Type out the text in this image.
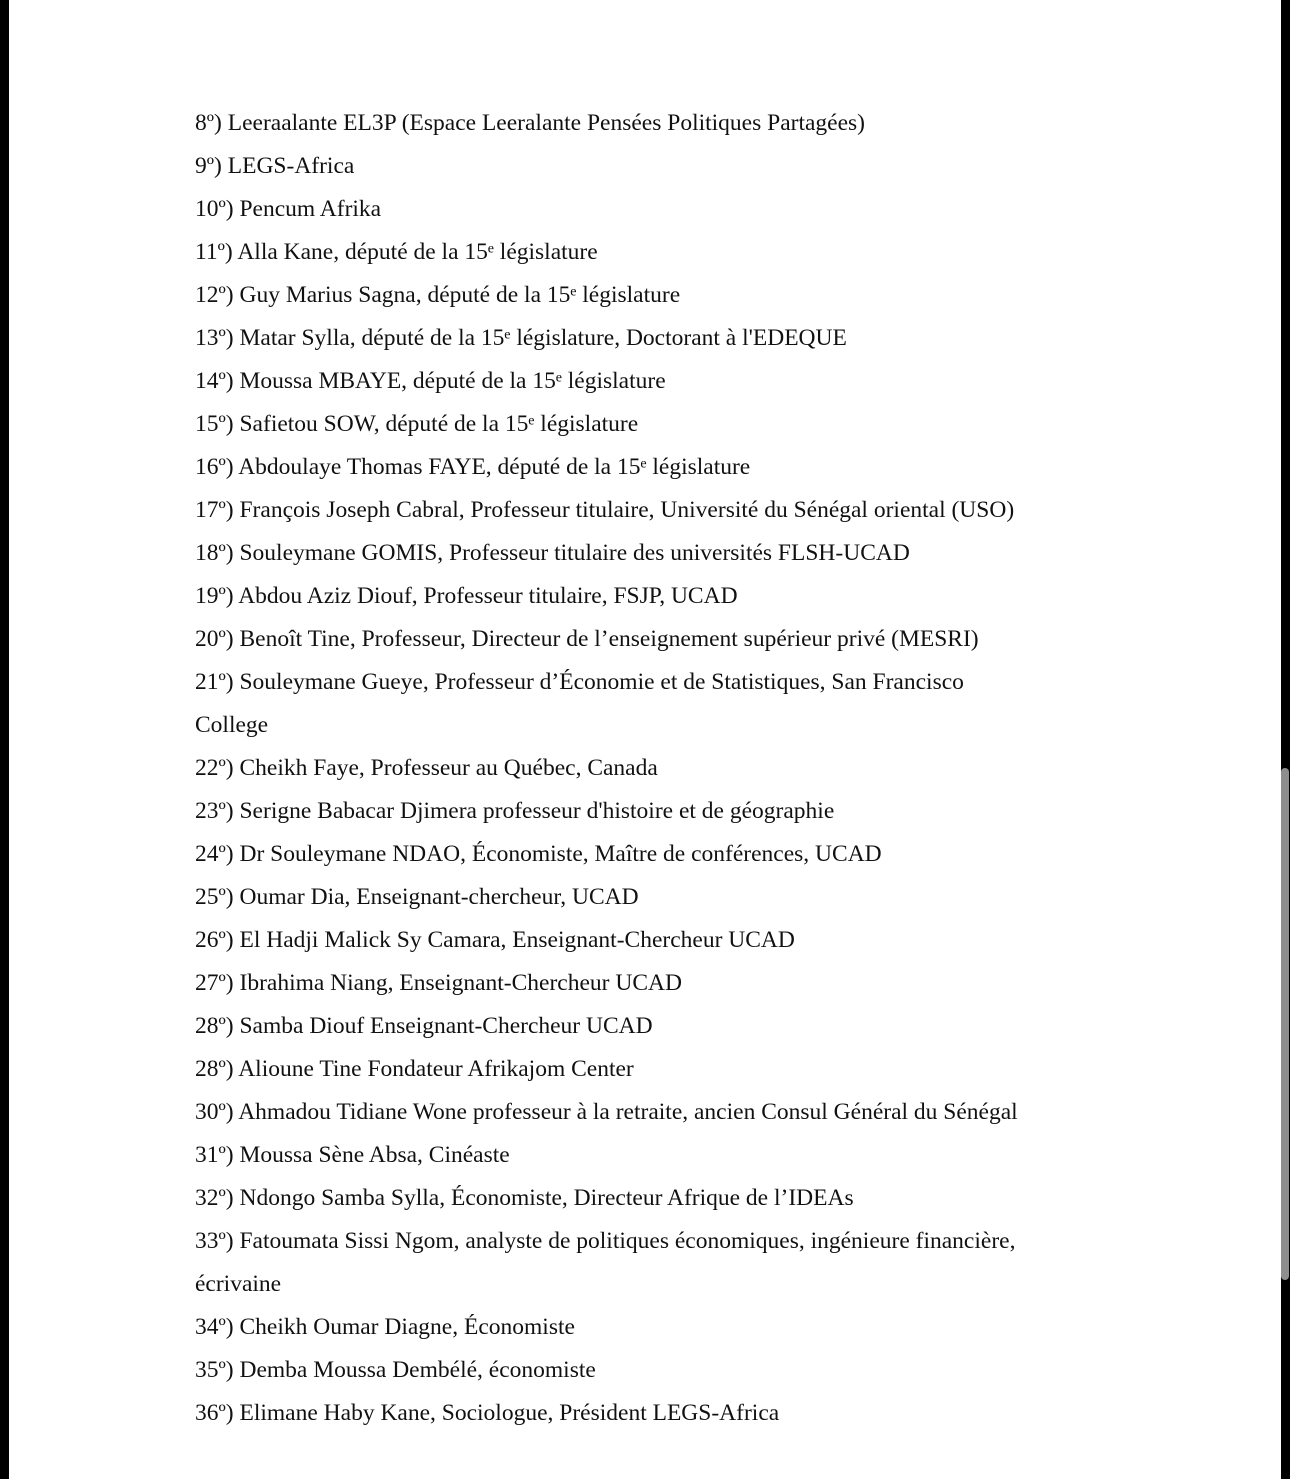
8º) Leeraalante EL3P (Espace Leeralante Pensées Politiques Partagées)
9º) LEGS-Africa
10º) Pencum Afrika
11º) Alla Kane, député de la 15ᵉ législature
12º) Guy Marius Sagna, député de la 15ᵉ législature
13º) Matar Sylla, député de la 15ᵉ législature, Doctorant à l'EDEQUE
14º) Moussa MBAYE, député de la 15ᵉ législature
15º) Safietou SOW, député de la 15ᵉ législature
16º) Abdoulaye Thomas FAYE, député de la 15ᵉ législature
17º) François Joseph Cabral, Professeur titulaire, Université du Sénégal oriental (USO)
18º) Souleymane GOMIS, Professeur titulaire des universités FLSH-UCAD
19º) Abdou Aziz Diouf, Professeur titulaire, FSJP, UCAD
20º) Benoît Tine, Professeur, Directeur de l’enseignement supérieur privé (MESRI)
21º) Souleymane Gueye, Professeur d’Économie et de Statistiques, San Francisco
College
22º) Cheikh Faye, Professeur au Québec, Canada
23º) Serigne Babacar Djimera professeur d'histoire et de géographie
24º) Dr Souleymane NDAO, Économiste, Maître de conférences, UCAD
25º) Oumar Dia, Enseignant-chercheur, UCAD
26º) El Hadji Malick Sy Camara, Enseignant-Chercheur UCAD
27º) Ibrahima Niang, Enseignant-Chercheur UCAD
28º) Samba Diouf Enseignant-Chercheur UCAD
28º) Alioune Tine Fondateur Afrikajom Center
30º) Ahmadou Tidiane Wone professeur à la retraite, ancien Consul Général du Sénégal
31º) Moussa Sène Absa, Cinéaste
32º) Ndongo Samba Sylla, Économiste, Directeur Afrique de l’IDEAs
33º) Fatoumata Sissi Ngom, analyste de politiques économiques, ingénieure financière,
écrivaine
34º) Cheikh Oumar Diagne, Économiste
35º) Demba Moussa Dembélé, économiste
36º) Elimane Haby Kane, Sociologue, Président LEGS-Africa
